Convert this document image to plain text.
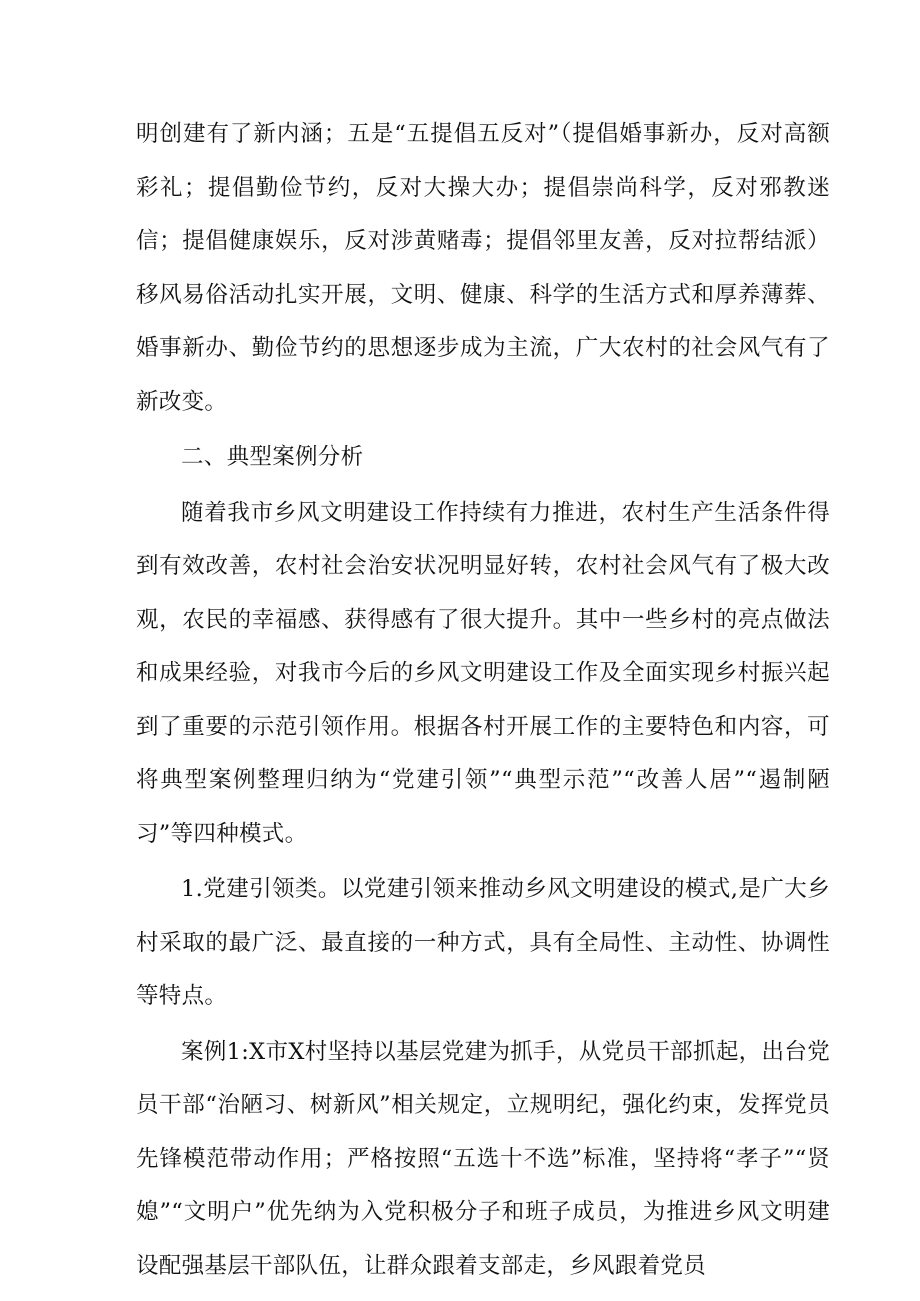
明创建有了新内涵；五是“五提倡五反对”（提倡婚事新办，反对高额彩礼；提倡勤俭节约，反对大操大办；提倡崇尚科学，反对邪教迷信；提倡健康娱乐，反对涉黄赌毒；提倡邻里友善，反对拉帮结派）移风易俗活动扎实开展，文明、健康、科学的生活方式和厚养薄葬、婚事新办、勤俭节约的思想逐步成为主流，广大农村的社会风气有了新改变。

二、典型案例分析

随着我市乡风文明建设工作持续有力推进，农村生产生活条件得到有效改善，农村社会治安状况明显好转，农村社会风气有了极大改观，农民的幸福感、获得感有了很大提升。其中一些乡村的亮点做法和成果经验，对我市今后的乡风文明建设工作及全面实现乡村振兴起到了重要的示范引领作用。根据各村开展工作的主要特色和内容，可将典型案例整理归纳为“党建引领”“典型示范”“改善人居”“遏制陋习”等四种模式。

1.党建引领类。以党建引领来推动乡风文明建设的模式,是广大乡村采取的最广泛、最直接的一种方式，具有全局性、主动性、协调性等特点。

案例1:X市X村坚持以基层党建为抓手，从党员干部抓起，出台党员干部“治陋习、树新风”相关规定，立规明纪，强化约束，发挥党员先锋模范带动作用；严格按照“五选十不选”标准，坚持将“孝子”“贤媳”“文明户”优先纳为入党积极分子和班子成员，为推进乡风文明建设配强基层干部队伍，让群众跟着支部走，乡风跟着党员
